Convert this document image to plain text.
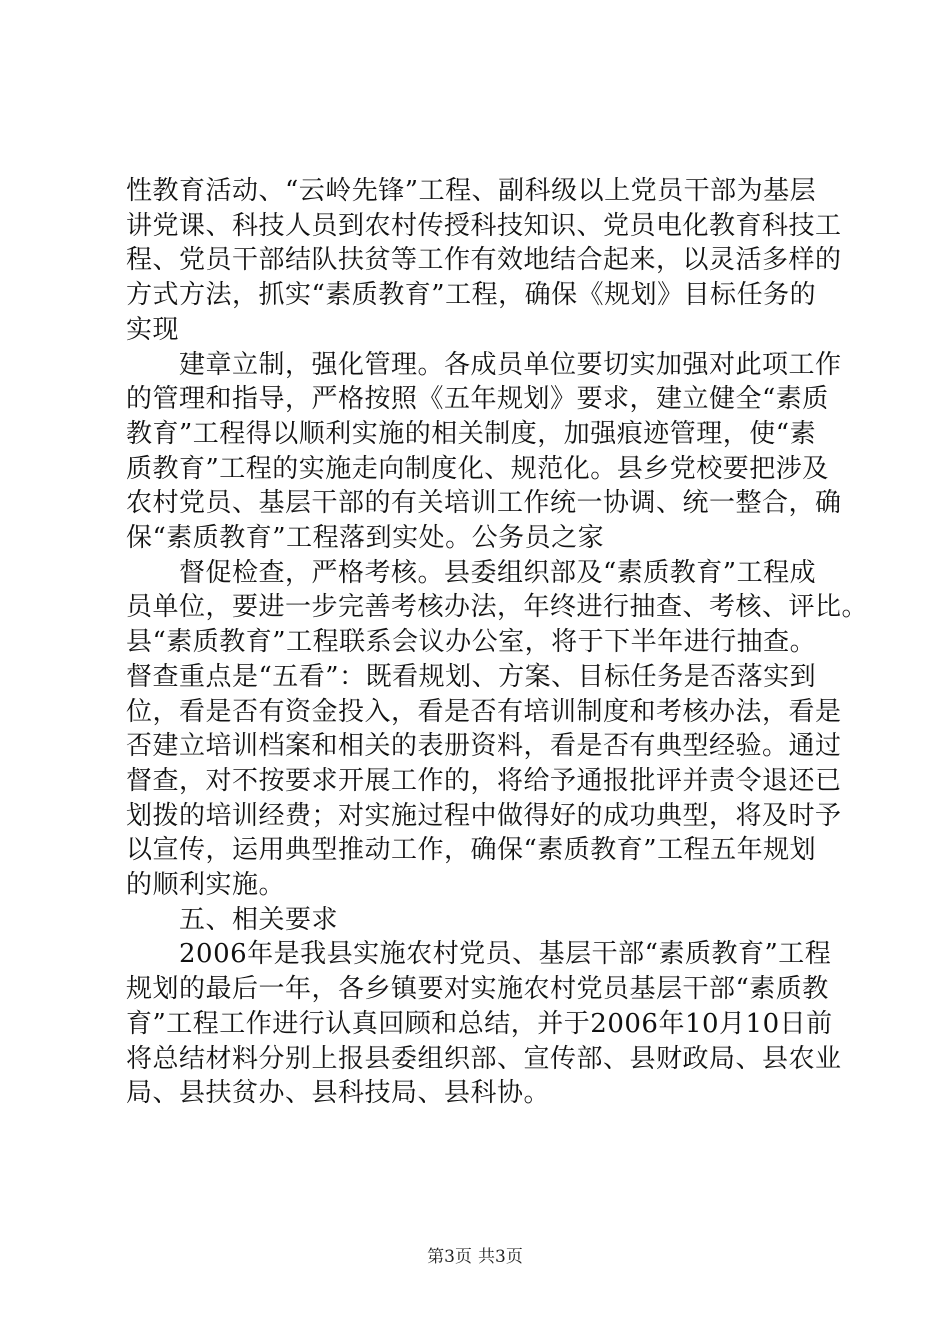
性教育活动、“云岭先锋”工程、副科级以上党员干部为基层
讲党课、科技人员到农村传授科技知识、党员电化教育科技工
程、党员干部结队扶贫等工作有效地结合起来，以灵活多样的
方式方法，抓实“素质教育”工程，确保《规划》目标任务的
实现
　　建章立制，强化管理。各成员单位要切实加强对此项工作
的管理和指导，严格按照《五年规划》要求，建立健全“素质
教育”工程得以顺利实施的相关制度，加强痕迹管理，使“素
质教育”工程的实施走向制度化、规范化。县乡党校要把涉及
农村党员、基层干部的有关培训工作统一协调、统一整合，确
保“素质教育”工程落到实处。公务员之家
　　督促检查，严格考核。县委组织部及“素质教育”工程成
员单位，要进一步完善考核办法，年终进行抽查、考核、评比。
县“素质教育”工程联系会议办公室，将于下半年进行抽查。
督查重点是“五看”：既看规划、方案、目标任务是否落实到
位，看是否有资金投入，看是否有培训制度和考核办法，看是
否建立培训档案和相关的表册资料，看是否有典型经验。通过
督查，对不按要求开展工作的，将给予通报批评并责令退还已
划拨的培训经费；对实施过程中做得好的成功典型，将及时予
以宣传，运用典型推动工作，确保“素质教育”工程五年规划
的顺利实施。
　　五、相关要求
　　2006年是我县实施农村党员、基层干部“素质教育”工程
规划的最后一年，各乡镇要对实施农村党员基层干部“素质教
育”工程工作进行认真回顾和总结，并于2006年10月10日前
将总结材料分别上报县委组织部、宣传部、县财政局、县农业
局、县扶贫办、县科技局、县科协。
第3页 共3页
